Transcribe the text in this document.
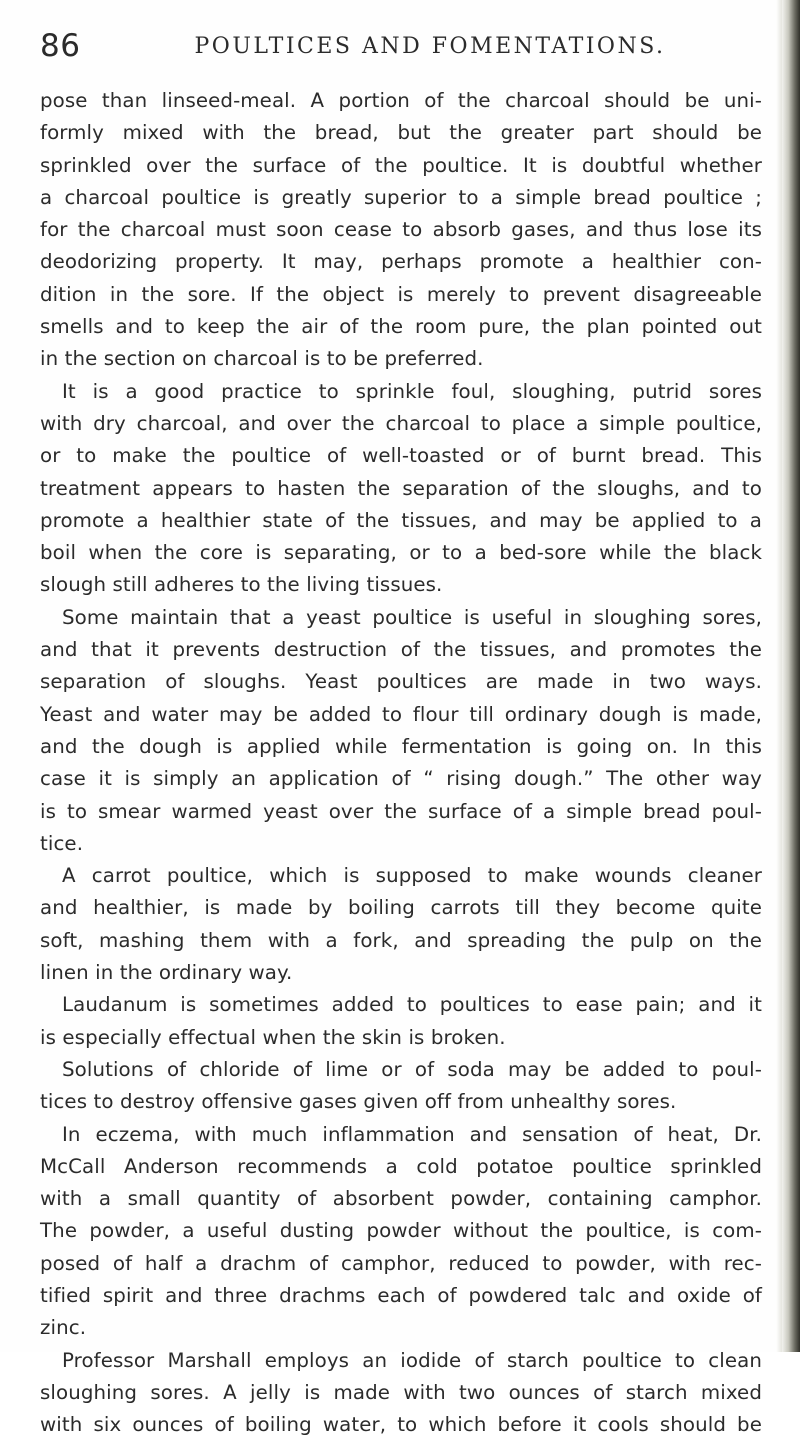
86	POULTICES AND FOMENTATIONS.
pose than linseed-meal. A portion of the charcoal should be uni-
formly mixed with the bread, but the greater part should be
sprinkled over the surface of the poultice. It is doubtful whether
a charcoal poultice is greatly superior to a simple bread poultice ;
for the charcoal must soon cease to absorb gases, and thus lose its
deodorizing property. It may, perhaps promote a healthier con-
dition in the sore. If the object is merely to prevent disagreeable
smells and to keep the air of the room pure, the plan pointed out
in the section on charcoal is to be preferred.
It is a good practice to sprinkle foul, sloughing, putrid sores
with dry charcoal, and over the charcoal to place a simple poultice,
or to make the poultice of well-toasted or of burnt bread. This
treatment appears to hasten the separation of the sloughs, and to
promote a healthier state of the tissues, and may be applied to a
boil when the core is separating, or to a bed-sore while the black
slough still adheres to the living tissues.
Some maintain that a yeast poultice is useful in sloughing sores,
and that it prevents destruction of the tissues, and promotes the
separation of sloughs. Yeast poultices are made in two ways.
Yeast and water may be added to flour till ordinary dough is made,
and the dough is applied while fermentation is going on. In this
case it is simply an application of “ rising dough.” The other way
is to smear warmed yeast over the surface of a simple bread poul-
tice.
A carrot poultice, which is supposed to make wounds cleaner
and healthier, is made by boiling carrots till they become quite
soft, mashing them with a fork, and spreading the pulp on the
linen in the ordinary way.
Laudanum is sometimes added to poultices to ease pain; and it
is especially effectual when the skin is broken.
Solutions of chloride of lime or of soda may be added to poul-
tices to destroy offensive gases given off from unhealthy sores.
In eczema, with much inflammation and sensation of heat, Dr.
McCall Anderson recommends a cold potatoe poultice sprinkled
with a small quantity of absorbent powder, containing camphor.
The powder, a useful dusting powder without the poultice, is com-
posed of half a drachm of camphor, reduced to powder, with rec-
tified spirit and three drachms each of powdered talc and oxide of
zinc.
Professor Marshall employs an iodide of starch poultice to clean
sloughing sores. A jelly is made with two ounces of starch mixed
with six ounces of boiling water, to which before it cools should be
